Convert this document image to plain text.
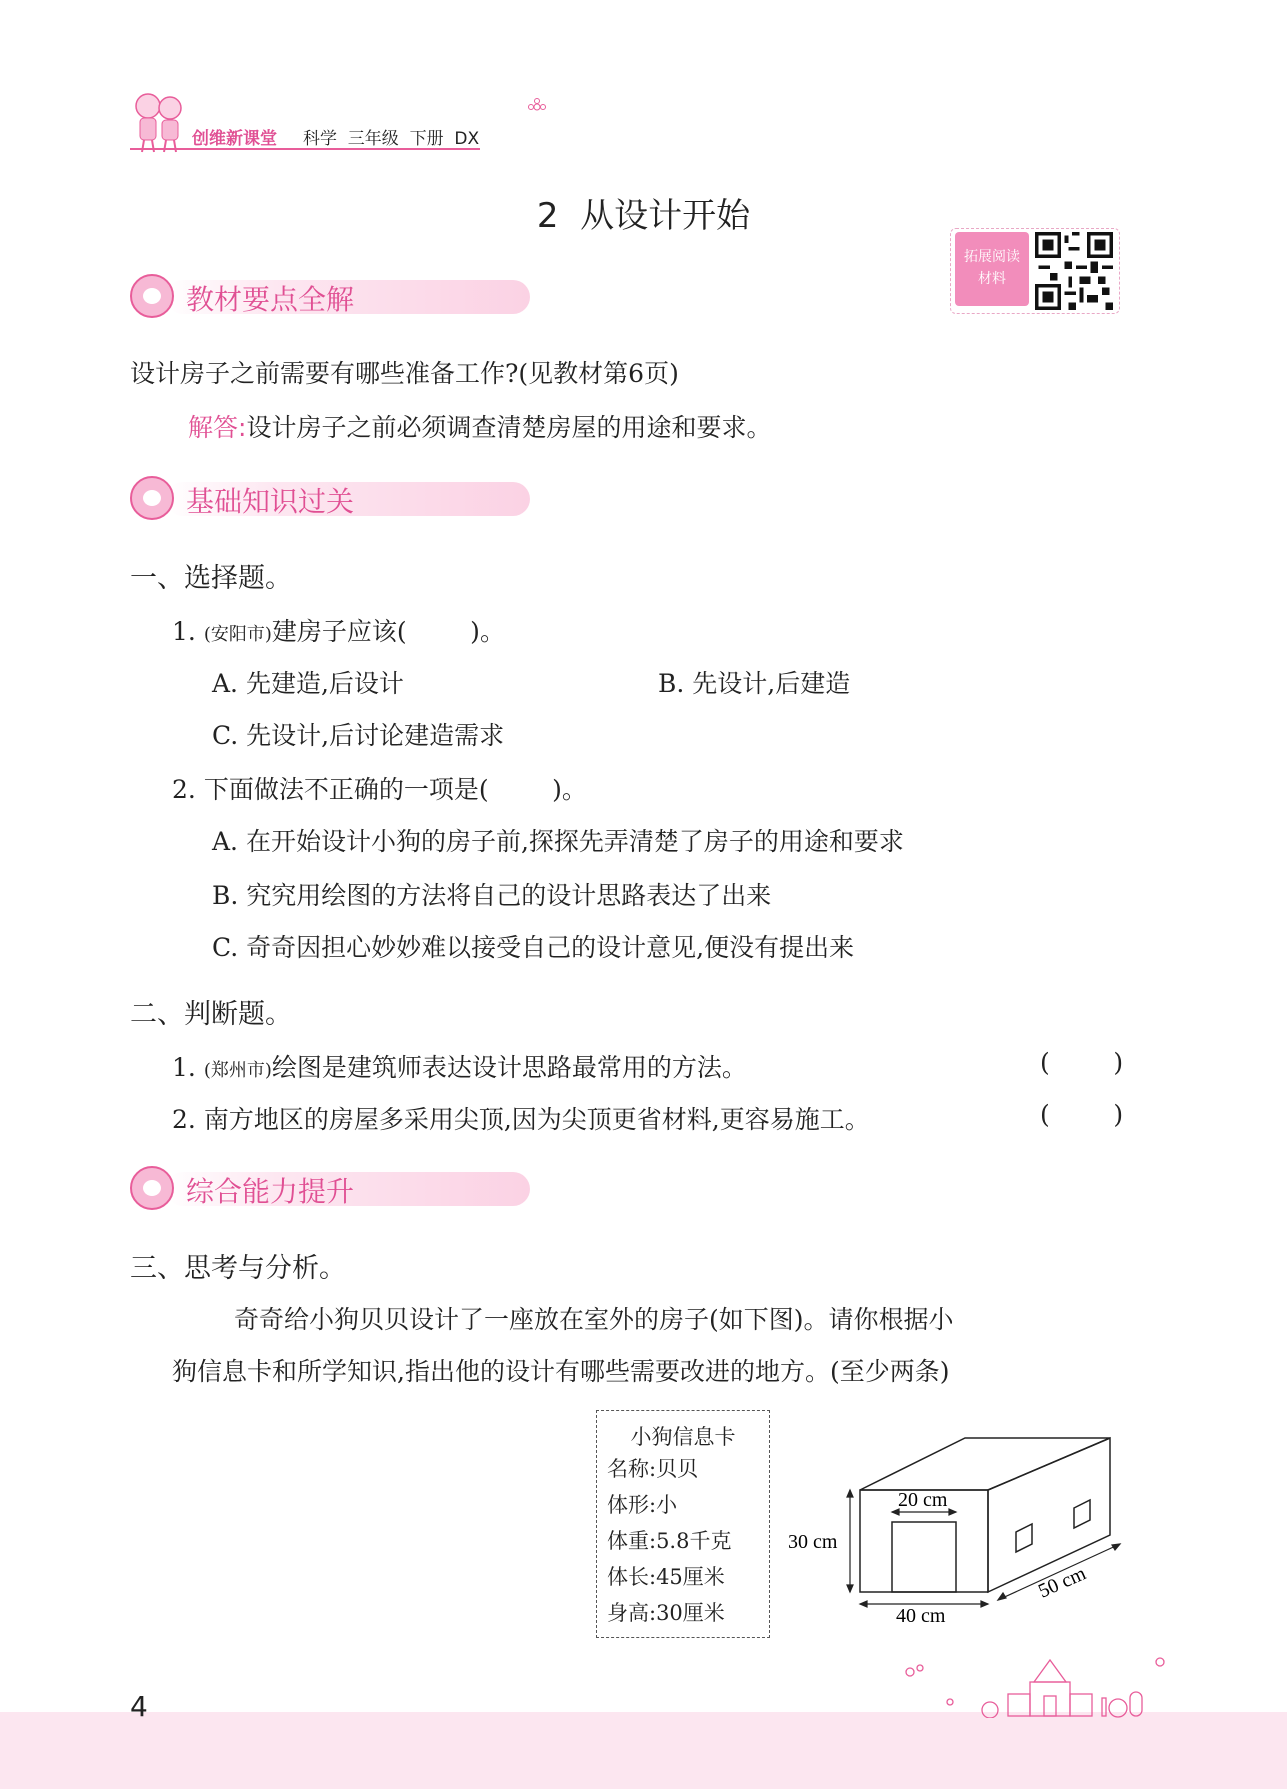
创维新课堂 科学  三年级  下册  DX
2  从设计开始
拓展阅读
材料
教材要点全解
设计房子之前需要有哪些准备工作?(见教材第6页)
解答:设计房子之前必须调查清楚房屋的用途和要求。
基础知识过关
一、选择题。
1. (安阳市)建房子应该(        )。
A. 先建造,后设计	B. 先设计,后建造
C. 先设计,后讨论建造需求
2. 下面做法不正确的一项是(        )。
A. 在开始设计小狗的房子前,探探先弄清楚了房子的用途和要求
B. 究究用绘图的方法将自己的设计思路表达了出来
C. 奇奇因担心妙妙难以接受自己的设计意见,便没有提出来
二、判断题。
1. (郑州市)绘图是建筑师表达设计思路最常用的方法。	(        )
2. 南方地区的房屋多采用尖顶,因为尖顶更省材料,更容易施工。	(        )
综合能力提升
三、思考与分析。
奇奇给小狗贝贝设计了一座放在室外的房子(如下图)。请你根据小
狗信息卡和所学知识,指出他的设计有哪些需要改进的地方。(至少两条)
小狗信息卡
名称:贝贝
体形:小
体重:5.8千克
体长:45厘米
身高:30厘米
20 cm
30 cm
40 cm
50 cm
4
